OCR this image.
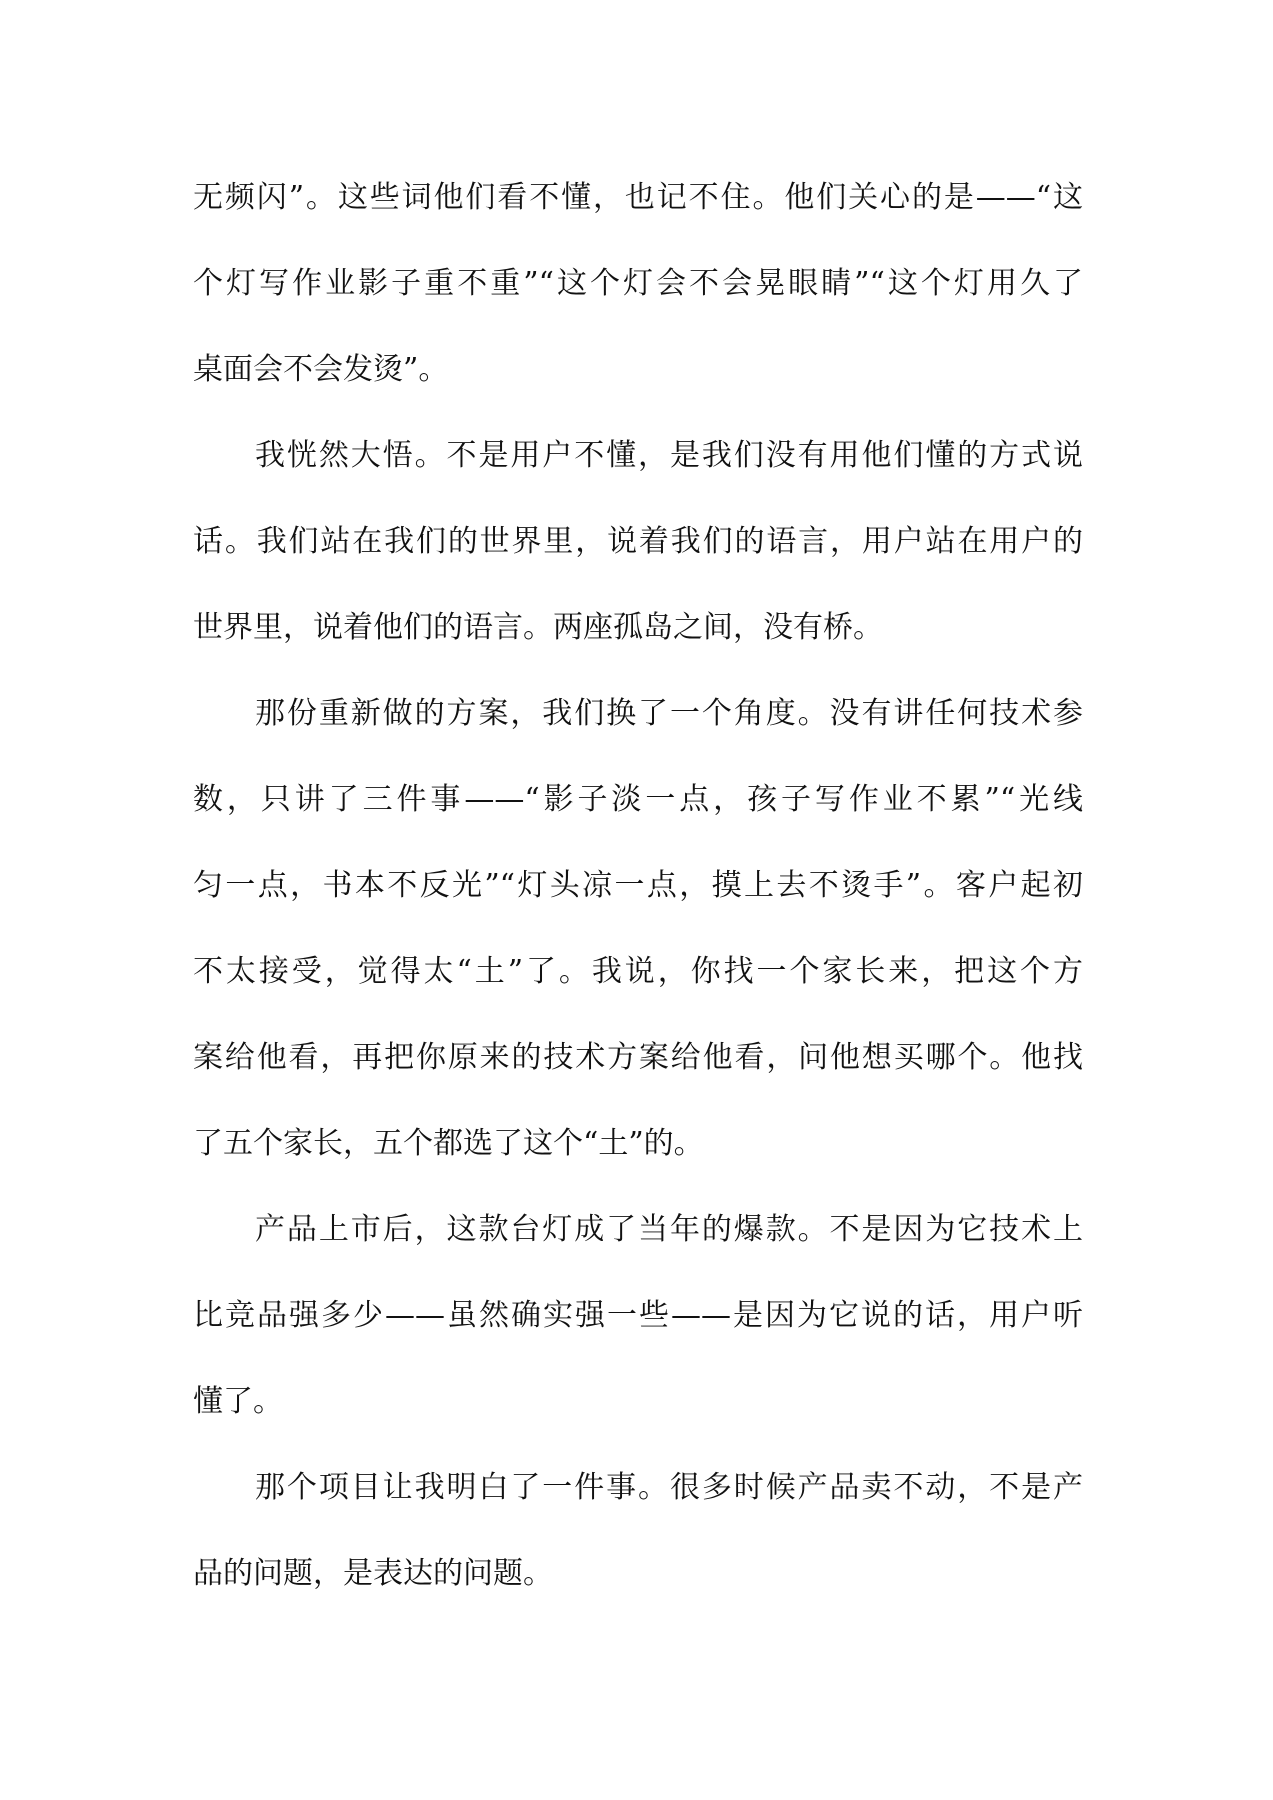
无频闪”。这些词他们看不懂，也记不住。他们关心的是——“这
个灯写作业影子重不重”“这个灯会不会晃眼睛”“这个灯用久了
桌面会不会发烫”。
我恍然大悟。不是用户不懂，是我们没有用他们懂的方式说
话。我们站在我们的世界里，说着我们的语言，用户站在用户的
世界里，说着他们的语言。两座孤岛之间，没有桥。
那份重新做的方案，我们换了一个角度。没有讲任何技术参
数，只讲了三件事——“影子淡一点，孩子写作业不累”“光线
匀一点，书本不反光”“灯头凉一点，摸上去不烫手”。客户起初
不太接受，觉得太“土”了。我说，你找一个家长来，把这个方
案给他看，再把你原来的技术方案给他看，问他想买哪个。他找
了五个家长，五个都选了这个“土”的。
产品上市后，这款台灯成了当年的爆款。不是因为它技术上
比竞品强多少——虽然确实强一些——是因为它说的话，用户听
懂了。
那个项目让我明白了一件事。很多时候产品卖不动，不是产
品的问题，是表达的问题。
